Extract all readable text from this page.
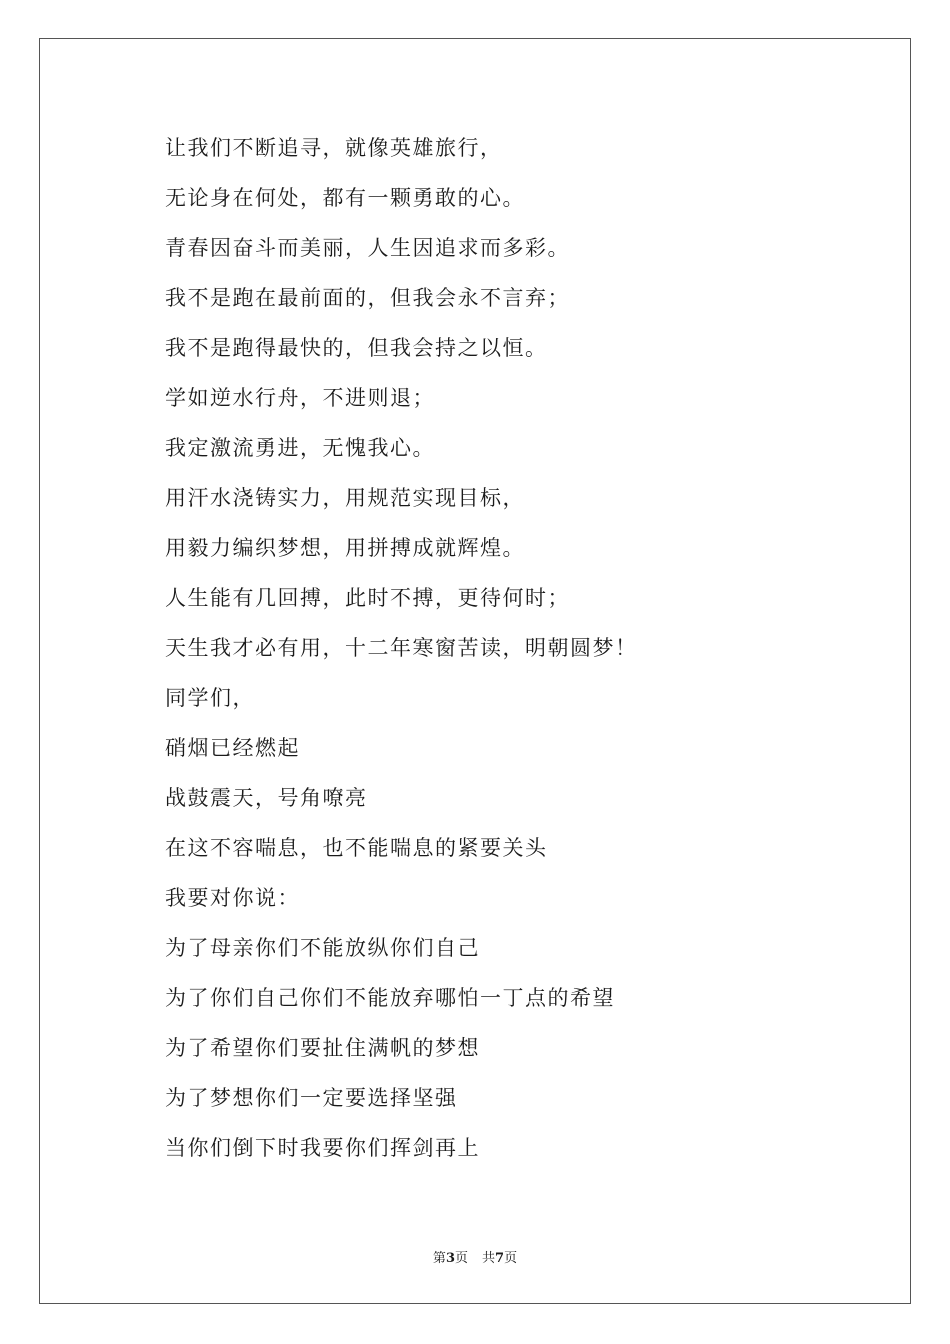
让我们不断追寻，就像英雄旅行，
无论身在何处，都有一颗勇敢的心。
青春因奋斗而美丽，人生因追求而多彩。
我不是跑在最前面的，但我会永不言弃；
我不是跑得最快的，但我会持之以恒。
学如逆水行舟，不进则退；
我定激流勇进，无愧我心。
用汗水浇铸实力，用规范实现目标，
用毅力编织梦想，用拼搏成就辉煌。
人生能有几回搏，此时不搏，更待何时；
天生我才必有用，十二年寒窗苦读，明朝圆梦！
同学们，
硝烟已经燃起
战鼓震天，号角嘹亮
在这不容喘息，也不能喘息的紧要关头
我要对你说：
为了母亲你们不能放纵你们自己
为了你们自己你们不能放弃哪怕一丁点的希望
为了希望你们要扯住满帆的梦想
为了梦想你们一定要选择坚强
当你们倒下时我要你们挥剑再上
第3页 共7页
